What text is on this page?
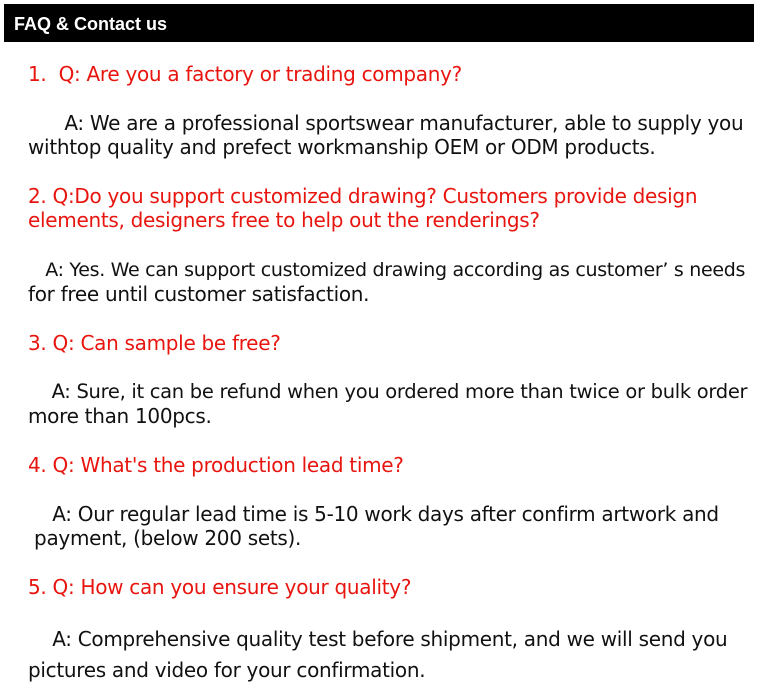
FAQ & Contact us
1.  Q: Are you a factory or trading company?
A: We are a professional sportswear manufacturer, able to supply you
withtop quality and prefect workmanship OEM or ODM products.
2. Q:Do you support customized drawing? Customers provide design
elements, designers free to help out the renderings?
A: Yes. We can support customized drawing according as customer’ s needs
for free until customer satisfaction.
3. Q: Can sample be free?
A: Sure, it can be refund when you ordered more than twice or bulk order
more than 100pcs.
4. Q: What's the production lead time?
A: Our regular lead time is 5-10 work days after confirm artwork and
payment, (below 200 sets).
5. Q: How can you ensure your quality?
A: Comprehensive quality test before shipment, and we will send you
pictures and video for your confirmation.
